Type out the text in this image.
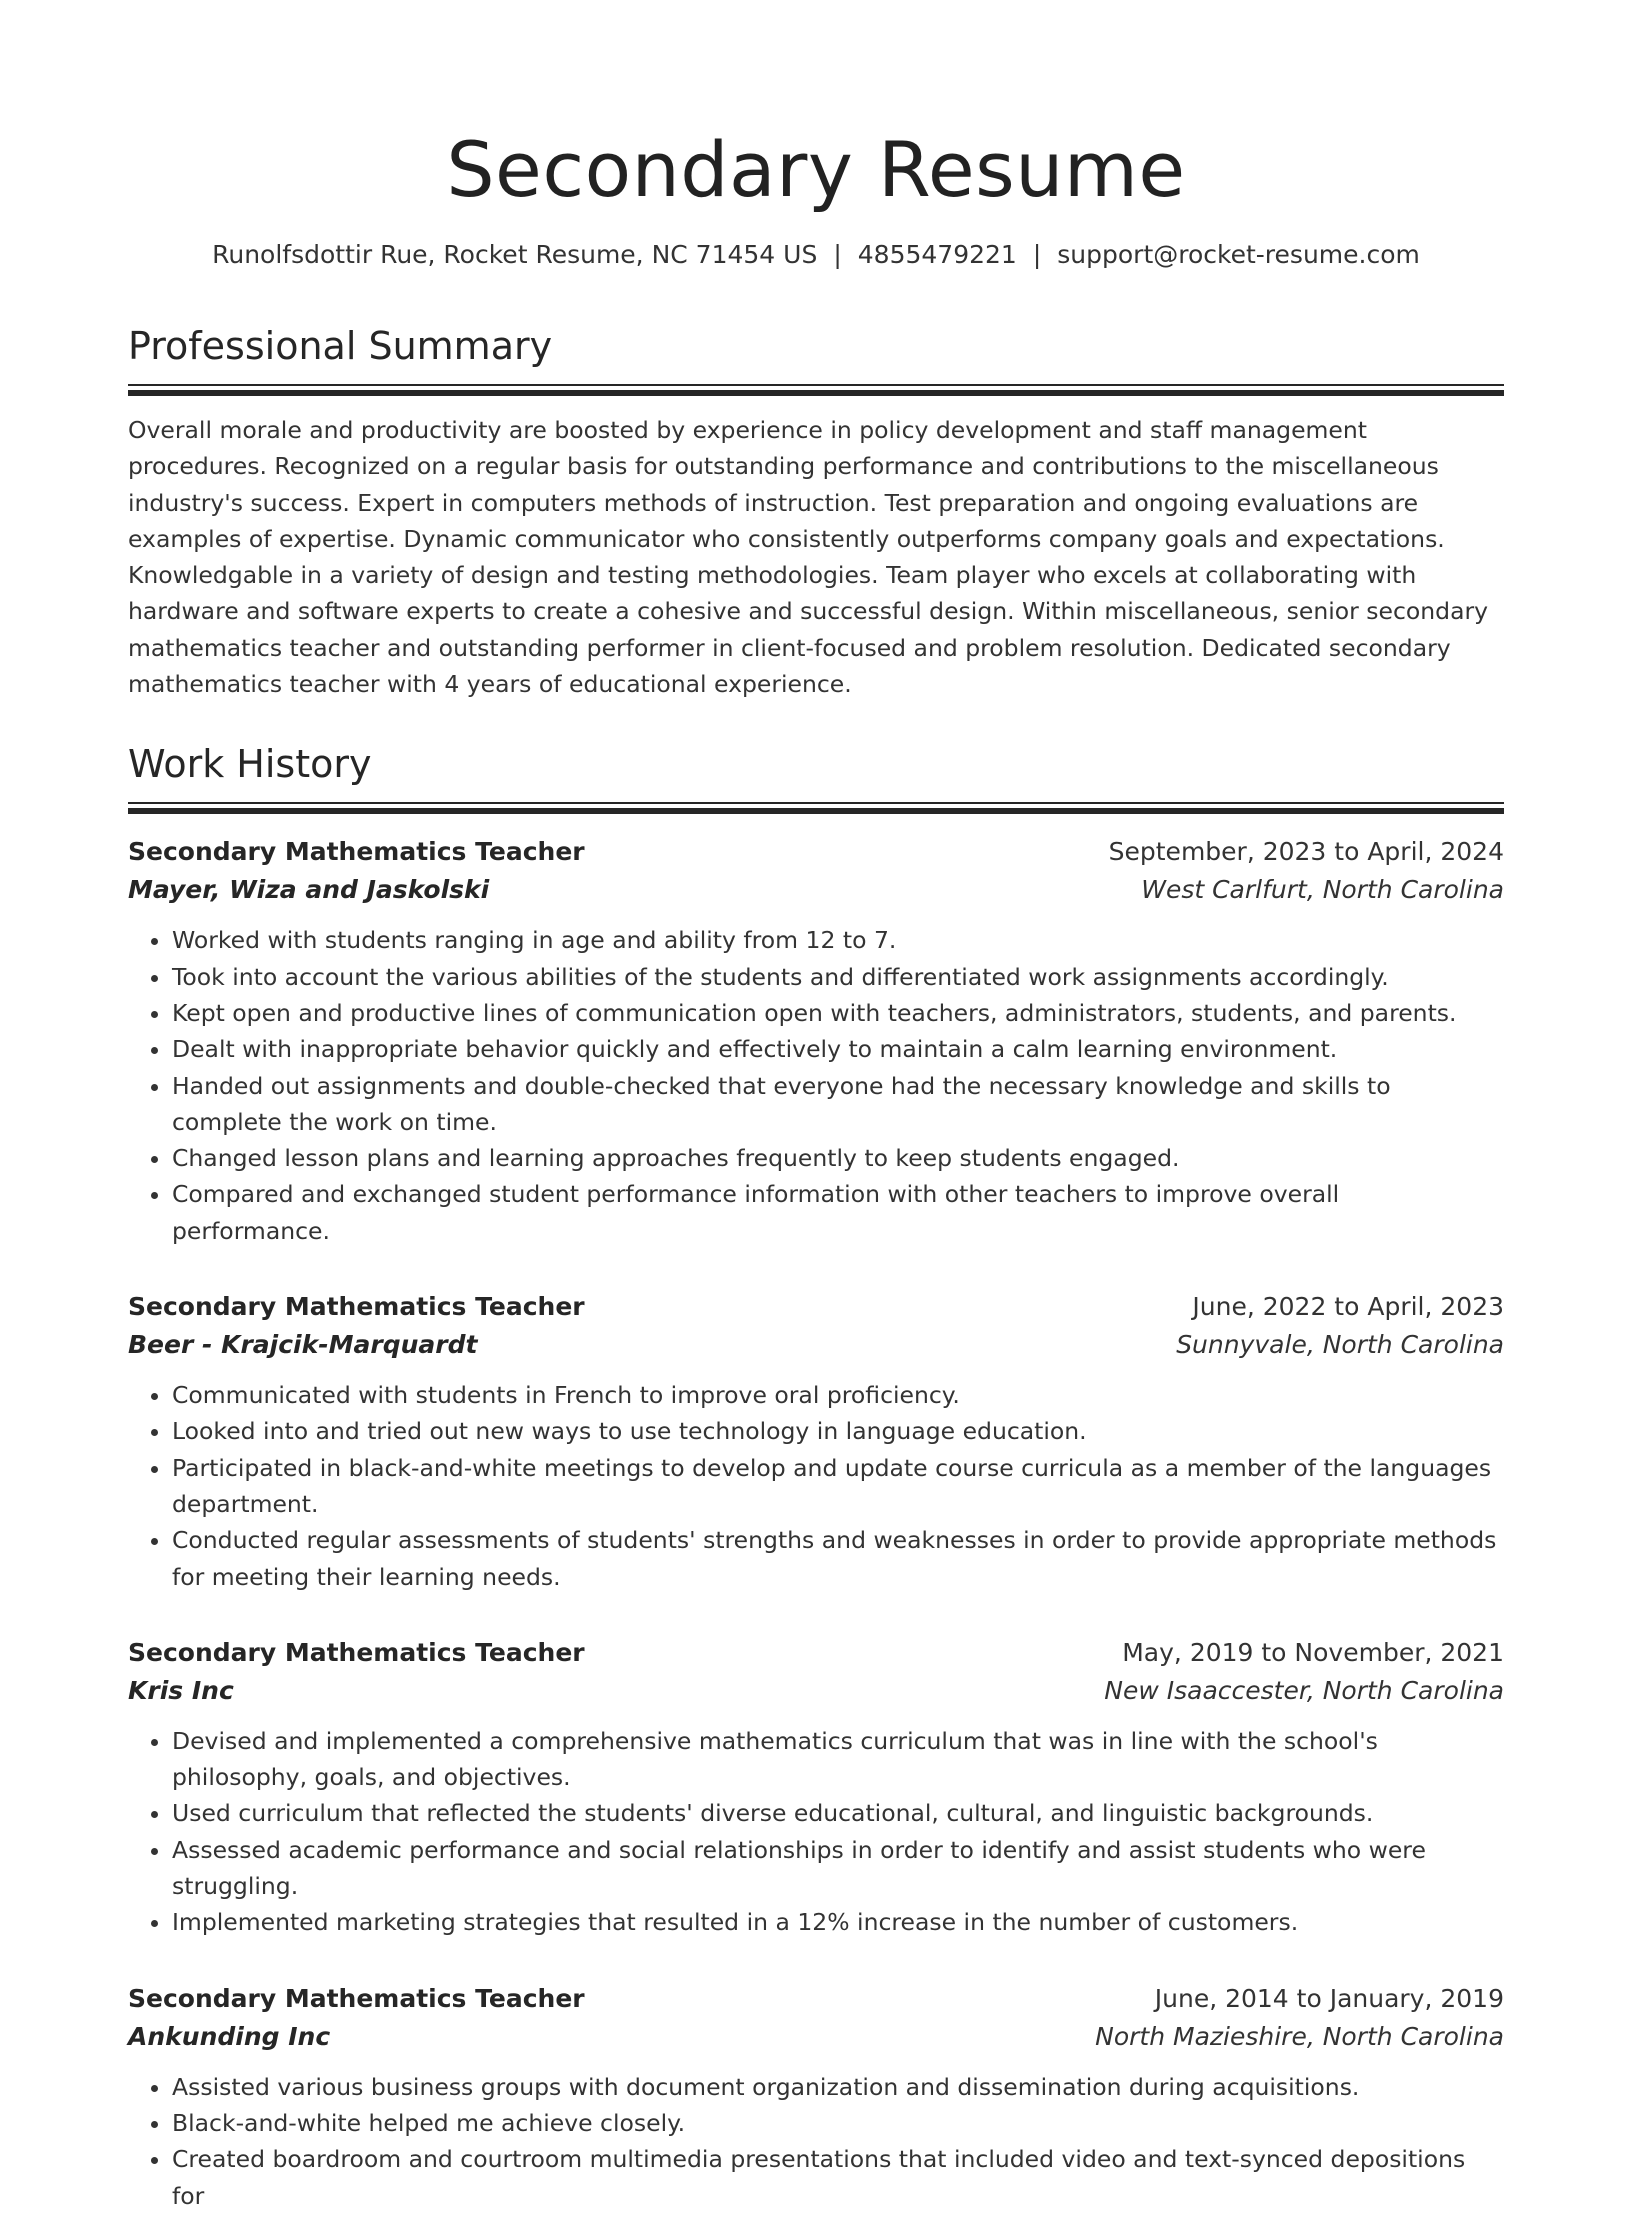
Secondary Resume
Runolfsdottir Rue, Rocket Resume, NC 71454 US | 4855479221 | support@rocket-resume.com
Professional Summary

Overall morale and productivity are boosted by experience in policy development and staff management procedures. Recognized on a regular basis for outstanding performance and contributions to the miscellaneous industry's success. Expert in computers methods of instruction. Test preparation and ongoing evaluations are examples of expertise. Dynamic communicator who consistently outperforms company goals and expectations. Knowledgable in a variety of design and testing methodologies. Team player who excels at collaborating with hardware and software experts to create a cohesive and successful design. Within miscellaneous, senior secondary mathematics teacher and outstanding performer in client-focused and problem resolution. Dedicated secondary mathematics teacher with 4 years of educational experience.

Work History
Secondary Mathematics Teacher	September, 2023 to April, 2024
Mayer, Wiza and Jaskolski	West Carlfurt, North Carolina
• Worked with students ranging in age and ability from 12 to 7.
• Took into account the various abilities of the students and differentiated work assignments accordingly.
• Kept open and productive lines of communication open with teachers, administrators, students, and parents.
• Dealt with inappropriate behavior quickly and effectively to maintain a calm learning environment.
• Handed out assignments and double-checked that everyone had the necessary knowledge and skills to complete the work on time.
• Changed lesson plans and learning approaches frequently to keep students engaged.
• Compared and exchanged student performance information with other teachers to improve overall performance.
Secondary Mathematics Teacher	June, 2022 to April, 2023
Beer - Krajcik-Marquardt	Sunnyvale, North Carolina
• Communicated with students in French to improve oral proficiency.
• Looked into and tried out new ways to use technology in language education.
• Participated in black-and-white meetings to develop and update course curricula as a member of the languages department.
• Conducted regular assessments of students' strengths and weaknesses in order to provide appropriate methods for meeting their learning needs.
Secondary Mathematics Teacher	May, 2019 to November, 2021
Kris Inc	New Isaaccester, North Carolina
• Devised and implemented a comprehensive mathematics curriculum that was in line with the school's philosophy, goals, and objectives.
• Used curriculum that reflected the students' diverse educational, cultural, and linguistic backgrounds.
• Assessed academic performance and social relationships in order to identify and assist students who were struggling.
• Implemented marketing strategies that resulted in a 12% increase in the number of customers.
Secondary Mathematics Teacher	June, 2014 to January, 2019
Ankunding Inc	North Mazieshire, North Carolina
• Assisted various business groups with document organization and dissemination during acquisitions.
• Black-and-white helped me achieve closely.
• Created boardroom and courtroom multimedia presentations that included video and text-synced depositions for
